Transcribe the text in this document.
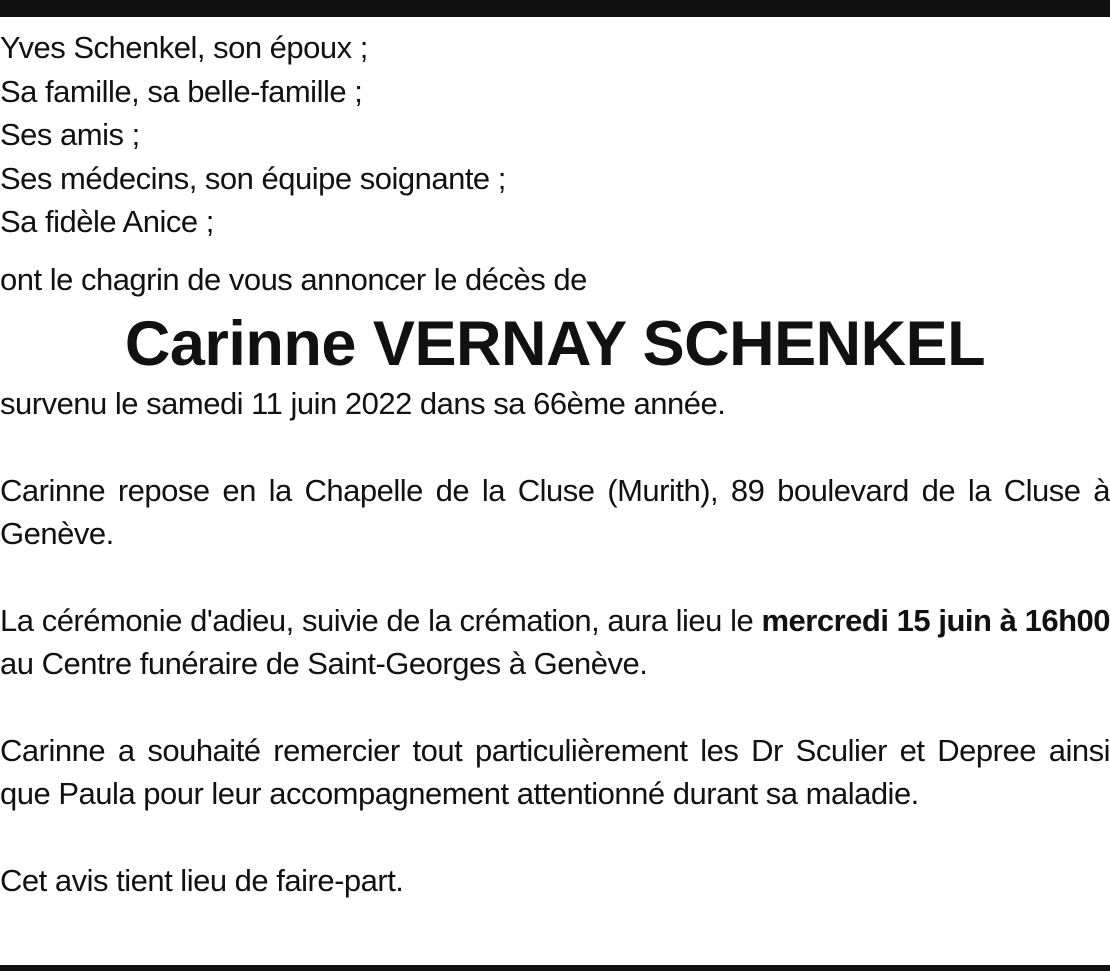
Yves Schenkel, son époux ;
Sa famille, sa belle-famille ;
Ses amis ;
Ses médecins, son équipe soignante ;
Sa fidèle Anice ;
ont le chagrin de vous annoncer le décès de
Carinne VERNAY SCHENKEL
survenu le samedi 11 juin 2022 dans sa 66ème année.
Carinne repose en la Chapelle de la Cluse (Murith), 89 boulevard de la Cluse à Genève.
La cérémonie d'adieu, suivie de la crémation, aura lieu le mercredi 15 juin à 16h00 au Centre funéraire de Saint-Georges à Genève.
Carinne a souhaité remercier tout particulièrement les Dr Sculier et Depree ainsi que Paula pour leur accompagnement attentionné durant sa maladie.
Cet avis tient lieu de faire-part.
